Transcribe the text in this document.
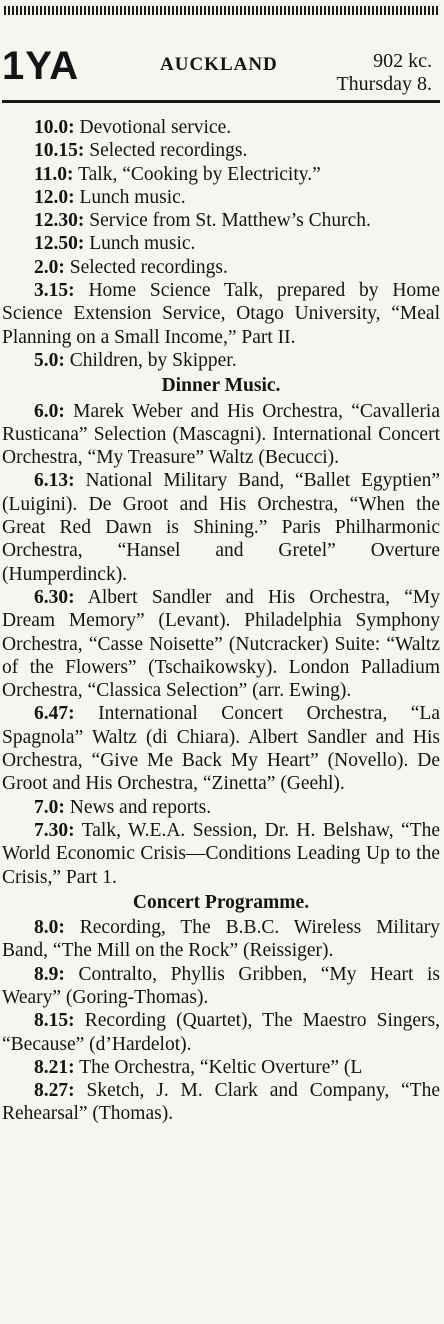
1YA	AUCKLAND	902 kc.
Thursday 8.

10.0: Devotional service.

10.15: Selected recordings.

11.0: Talk, “Cooking by Electricity.”

12.0: Lunch music.

12.30: Service from St. Matthew’s Church.

12.50: Lunch music.

2.0: Selected recordings.

3.15: Home Science Talk, prepared by Home Science Extension Service, Otago University, “Meal Planning on a Small Income,” Part II.

5.0: Children, by Skipper.

Dinner Music.

6.0: Marek Weber and His Orchestra, “Cavalleria Rusticana” Selection (Mascagni). International Concert Orchestra, “My Treasure” Waltz (Becucci).

6.13: National Military Band, “Ballet Egyptien” (Luigini). De Groot and His Orchestra, “When the Great Red Dawn is Shining.” Paris Philharmonic Orchestra, “Hansel and Gretel” Overture (Humperdinck).

6.30: Albert Sandler and His Orchestra, “My Dream Memory” (Levant). Philadelphia Symphony Orchestra, “Casse Noisette” (Nutcracker) Suite: “Waltz of the Flowers” (Tschaikowsky). London Palladium Orchestra, “Classica Selection” (arr. Ewing).

6.47: International Concert Orchestra, “La Spagnola” Waltz (di Chiara). Albert Sandler and His Orchestra, “Give Me Back My Heart” (Novello). De Groot and His Orchestra, “Zinetta” (Geehl).

7.0: News and reports.

7.30: Talk, W.E.A. Session, Dr. H. Belshaw, “The World Economic Crisis—Conditions Leading Up to the Crisis,” Part 1.

Concert Programme.

8.0: Recording, The B.B.C. Wireless Military Band, “The Mill on the Rock” (Reissiger).

8.9: Contralto, Phyllis Gribben, “My Heart is Weary” (Goring-Thomas).

8.15: Recording (Quartet), The Maestro Singers, “Because” (d’Hardelot).

8.21: The Orchestra, “Keltic Overture” (L

8.27: Sketch, J. M. Clark and Company, “The Rehearsal” (Thomas).
